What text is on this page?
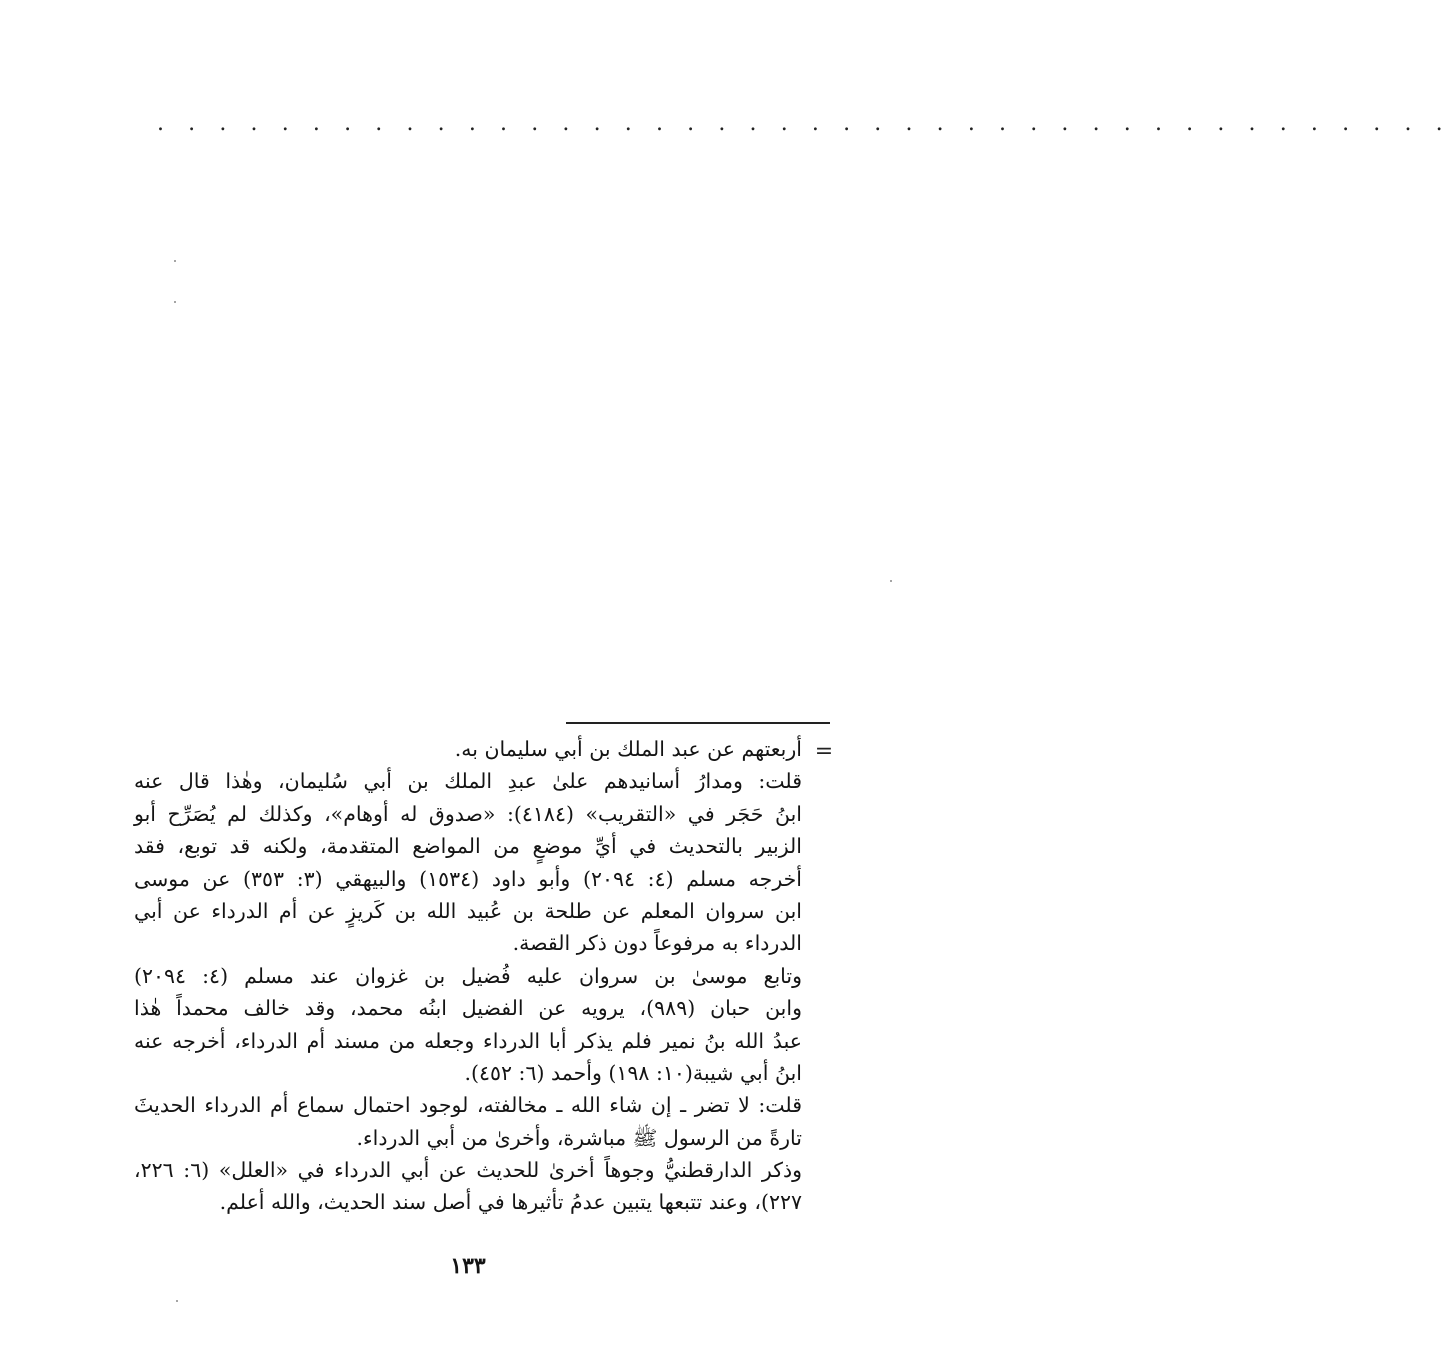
. . . . . . . . . . . . . . . . . . . . . . . . . . . . . . . . . . . . . . . . . .
=
أربعتهم عن عبد الملك بن أبي سليمان به.
قلت: ومدارُ أسانيدهم علىٰ عبدِ الملك بن أبي سُليمان، وهٰذا قال عنه
ابنُ حَجَر في «التقريب» (٤١٨٤): «صدوق له أوهام»، وكذلك لم يُصَرِّح أبو
الزبير بالتحديث في أيِّ موضعٍ من المواضع المتقدمة، ولكنه قد توبع، فقد
أخرجه مسلم (٤: ٢٠٩٤) وأبو داود (١٥٣٤) والبيهقي (٣: ٣٥٣) عن موسى
ابن سروان المعلم عن طلحة بن عُبيد الله بن كَريزٍ عن أم الدرداء عن أبي
الدرداء به مرفوعاً دون ذكر القصة.
وتابع موسىٰ بن سروان عليه فُضيل بن غزوان عند مسلم (٤: ٢٠٩٤)
وابن حبان (٩٨٩)، يرويه عن الفضيل ابنُه محمد، وقد خالف محمداً هٰذا
عبدُ الله بنُ نمير فلم يذكر أبا الدرداء وجعله من مسند أم الدرداء، أخرجه عنه
ابنُ أبي شيبة(١٠: ١٩٨) وأحمد (٦: ٤٥٢).
قلت: لا تضر ـ إن شاء الله ـ مخالفته، لوجود احتمال سماع أم الدرداء الحديثَ
تارةً من الرسول ﷺ مباشرة، وأخرىٰ من أبي الدرداء.
وذكر الدارقطنيُّ وجوهاً أخرىٰ للحديث عن أبي الدرداء في «العلل» (٦: ٢٢٦،
٢٢٧)، وعند تتبعها يتبين عدمُ تأثيرها في أصل سند الحديث، والله أعلم.
١٣٣
